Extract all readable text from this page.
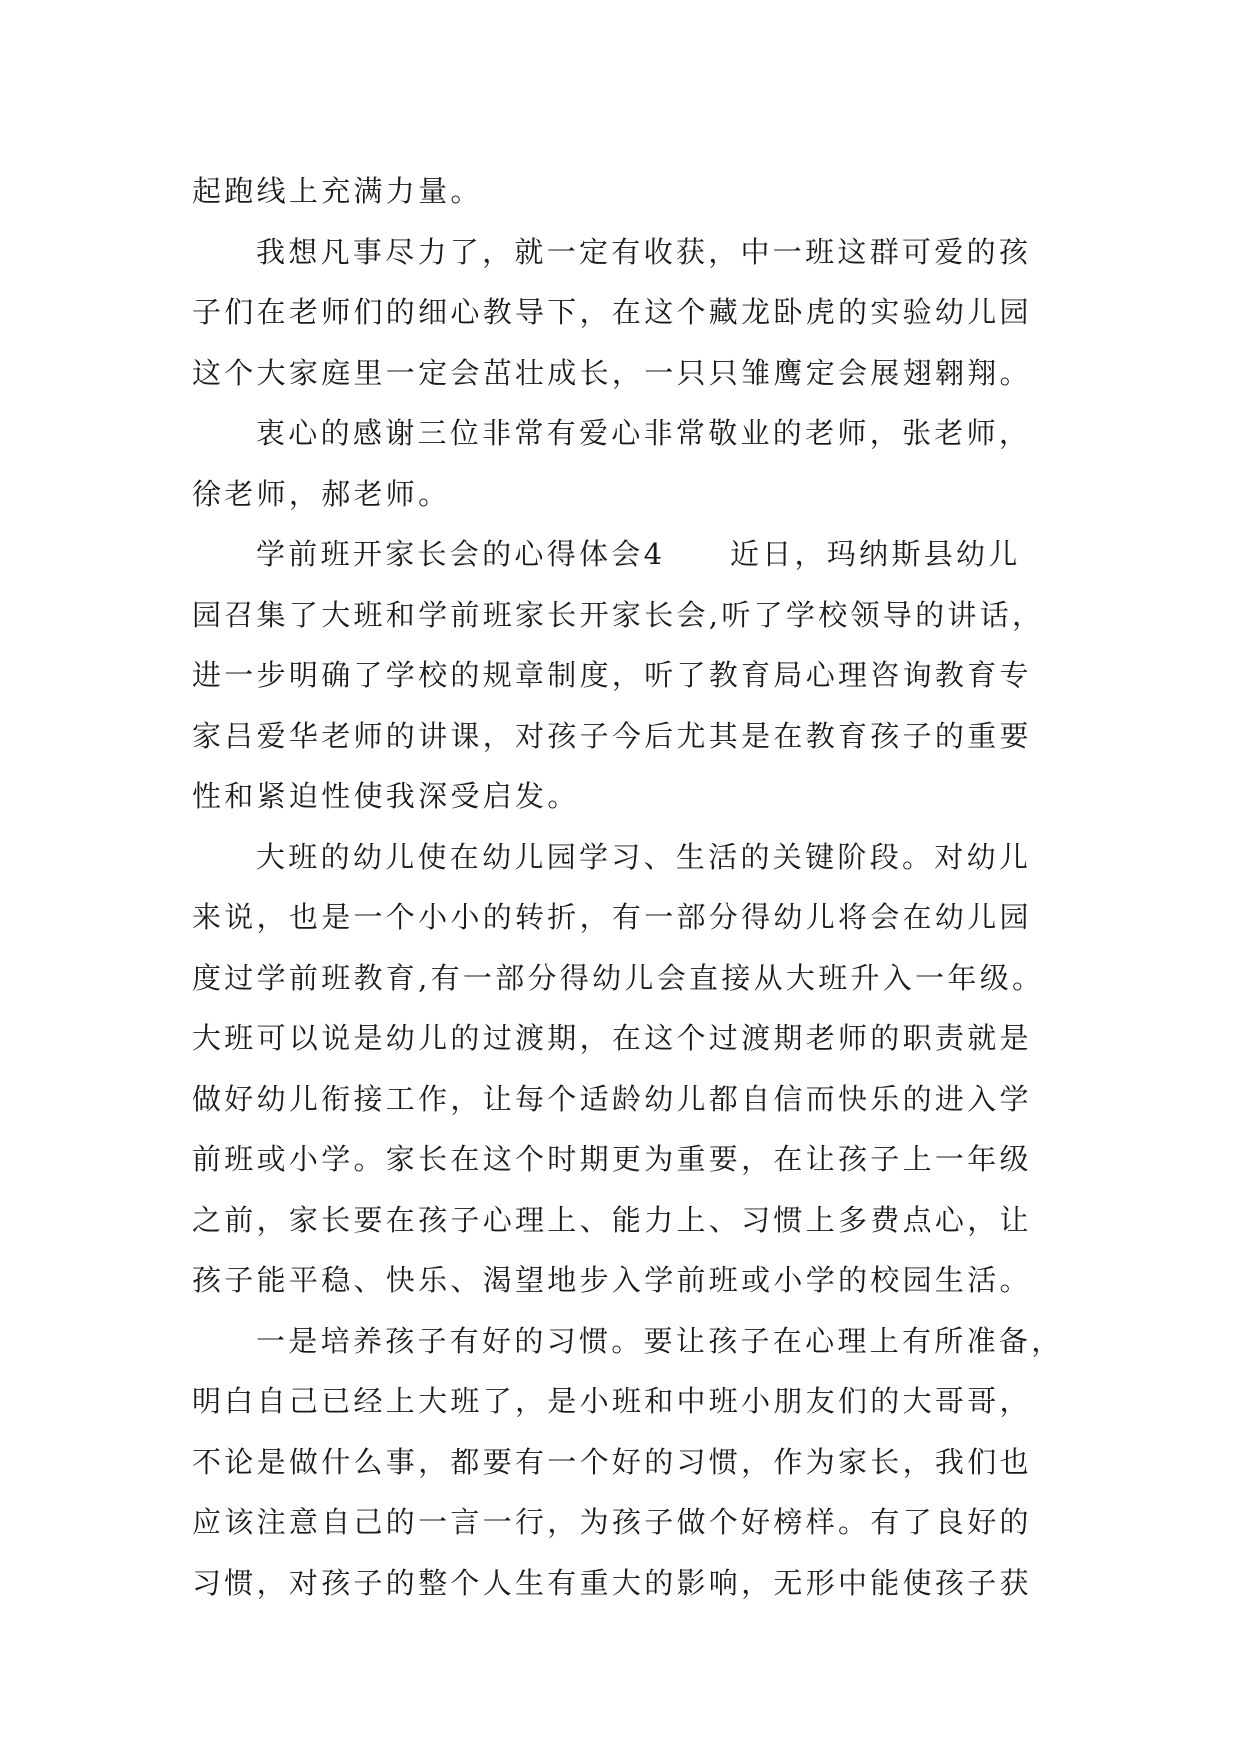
起跑线上充满力量。
我想凡事尽力了，就一定有收获，中一班这群可爱的孩
子们在老师们的细心教导下，在这个藏龙卧虎的实验幼儿园
这个大家庭里一定会茁壮成长，一只只雏鹰定会展翅翱翔。
衷心的感谢三位非常有爱心非常敬业的老师，张老师，
徐老师，郝老师。
学前班开家长会的心得体会4　　近日，玛纳斯县幼儿
园召集了大班和学前班家长开家长会,听了学校领导的讲话，
进一步明确了学校的规章制度，听了教育局心理咨询教育专
家吕爱华老师的讲课，对孩子今后尤其是在教育孩子的重要
性和紧迫性使我深受启发。
大班的幼儿使在幼儿园学习、生活的关键阶段。对幼儿
来说，也是一个小小的转折，有一部分得幼儿将会在幼儿园
度过学前班教育,有一部分得幼儿会直接从大班升入一年级。
大班可以说是幼儿的过渡期，在这个过渡期老师的职责就是
做好幼儿衔接工作，让每个适龄幼儿都自信而快乐的进入学
前班或小学。家长在这个时期更为重要，在让孩子上一年级
之前，家长要在孩子心理上、能力上、习惯上多费点心，让
孩子能平稳、快乐、渴望地步入学前班或小学的校园生活。
一是培养孩子有好的习惯。要让孩子在心理上有所准备，
明白自己已经上大班了，是小班和中班小朋友们的大哥哥，
不论是做什么事，都要有一个好的习惯，作为家长，我们也
应该注意自己的一言一行，为孩子做个好榜样。有了良好的
习惯，对孩子的整个人生有重大的影响，无形中能使孩子获
